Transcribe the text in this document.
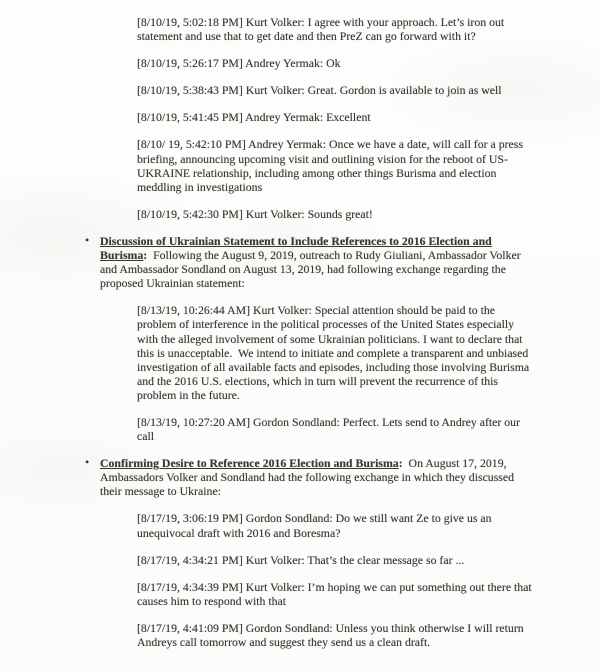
[8/10/19, 5:02:18 PM] Kurt Volker: I agree with your approach. Let’s iron out statement and use that to get date and then PreZ can go forward with it?

[8/10/19, 5:26:17 PM] Andrey Yermak: Ok

[8/10/19, 5:38:43 PM] Kurt Volker: Great. Gordon is available to join as well

[8/10/19, 5:41:45 PM] Andrey Yermak: Excellent

[8/10/ 19, 5:42:10 PM] Andrey Yermak: Once we have a date, will call for a press briefing, announcing upcoming visit and outlining vision for the reboot of US-UKRAINE relationship, including among other things Burisma and election meddling in investigations

[8/10/19, 5:42:30 PM] Kurt Volker: Sounds great!

• Discussion of Ukrainian Statement to Include References to 2016 Election and Burisma:  Following the August 9, 2019, outreach to Rudy Giuliani, Ambassador Volker and Ambassador Sondland on August 13, 2019, had following exchange regarding the proposed Ukrainian statement:

[8/13/19, 10:26:44 AM] Kurt Volker: Special attention should be paid to the problem of interference in the political processes of the United States especially with the alleged involvement of some Ukrainian politicians. I want to declare that this is unacceptable.  We intend to initiate and complete a transparent and unbiased investigation of all available facts and episodes, including those involving Burisma and the 2016 U.S. elections, which in turn will prevent the recurrence of this problem in the future.

[8/13/19, 10:27:20 AM] Gordon Sondland: Perfect. Lets send to Andrey after our call

• Confirming Desire to Reference 2016 Election and Burisma:  On August 17, 2019, Ambassadors Volker and Sondland had the following exchange in which they discussed their message to Ukraine:

[8/17/19, 3:06:19 PM] Gordon Sondland: Do we still want Ze to give us an unequivocal draft with 2016 and Boresma?

[8/17/19, 4:34:21 PM] Kurt Volker: That’s the clear message so far ...

[8/17/19, 4:34:39 PM] Kurt Volker: I’m hoping we can put something out there that causes him to respond with that

[8/17/19, 4:41:09 PM] Gordon Sondland: Unless you think otherwise I will return Andreys call tomorrow and suggest they send us a clean draft.
